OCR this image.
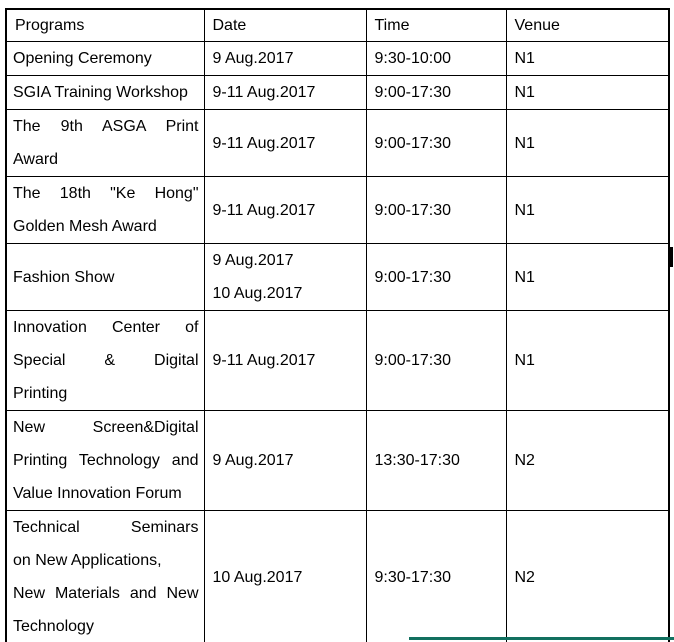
Programs	Date	Time	Venue

Opening Ceremony	9 Aug.2017	9:30-10:00	N1

SGIA Training Workshop	9-11 Aug.2017	9:00-17:30	N1

The 9th ASGA Print
Award	9-11 Aug.2017	9:00-17:30	N1

The 18th "Ke Hong"
Golden Mesh Award	9-11 Aug.2017	9:00-17:30	N1

Fashion Show	9 Aug.2017
10 Aug.2017	9:00-17:30	N1

Innovation Center of
Special & Digital
Printing	9-11 Aug.2017	9:00-17:30	N1

New Screen&Digital
Printing Technology and
Value Innovation Forum	9 Aug.2017	13:30-17:30	N2

Technical Seminars
on New Applications,
New Materials and New
Technology	10 Aug.2017	9:30-17:30	N2
